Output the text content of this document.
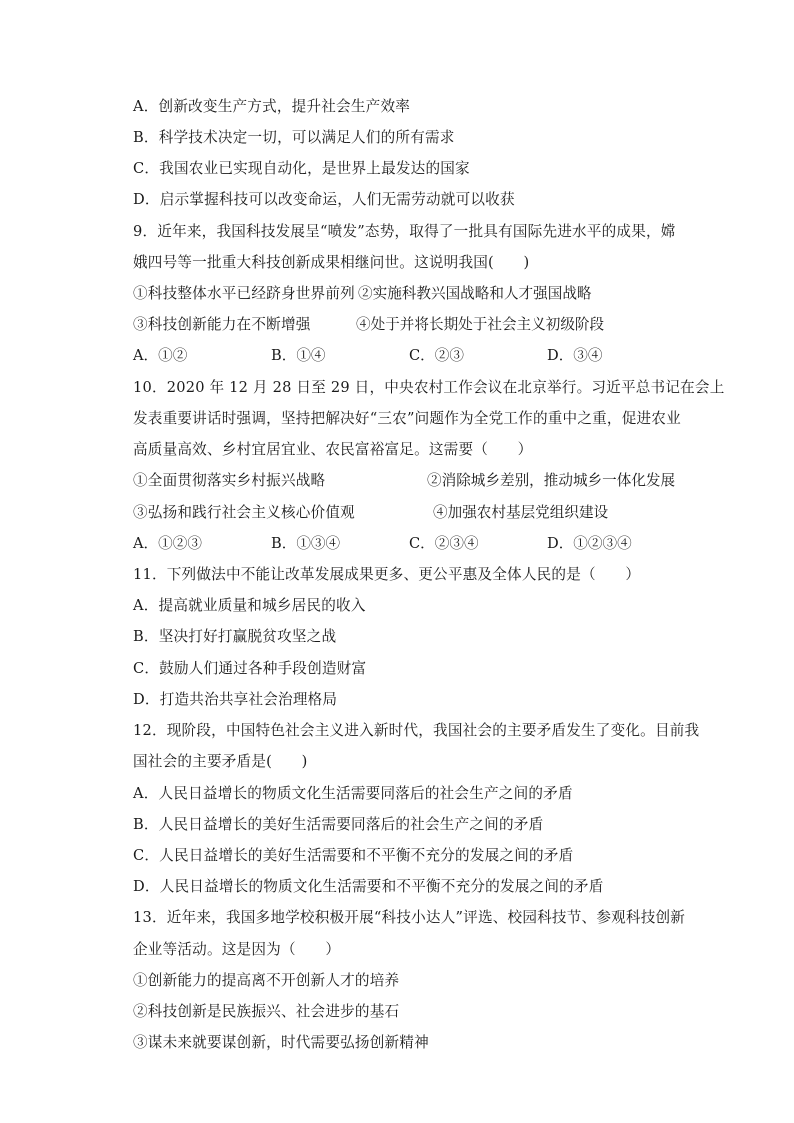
A．创新改变生产方式，提升社会生产效率
B．科学技术决定一切，可以满足人们的所有需求
C．我国农业已实现自动化，是世界上最发达的国家
D．启示掌握科技可以改变命运，人们无需劳动就可以收获
9．近年来，我国科技发展呈“喷发”态势，取得了一批具有国际先进水平的成果，嫦
娥四号等一批重大科技创新成果相继问世。这说明我国(　　)
①科技整体水平已经跻身世界前列 ②实施科教兴国战略和人才强国战略
③科技创新能力在不断增强	④处于并将长期处于社会主义初级阶段
A．①②	B．①④	C．②③	D．③④
10．2020 年 12 月 28 日至 29 日，中央农村工作会议在北京举行。习近平总书记在会上
发表重要讲话时强调，坚持把解决好“三农”问题作为全党工作的重中之重，促进农业
高质量高效、乡村宜居宜业、农民富裕富足。这需要（　　）
①全面贯彻落实乡村振兴战略	②消除城乡差别，推动城乡一体化发展
③弘扬和践行社会主义核心价值观	④加强农村基层党组织建设
A．①②③	B．①③④	C．②③④	D．①②③④
11．下列做法中不能让改革发展成果更多、更公平惠及全体人民的是（　　）
A．提高就业质量和城乡居民的收入
B．坚决打好打赢脱贫攻坚之战
C．鼓励人们通过各种手段创造财富
D．打造共治共享社会治理格局
12．现阶段，中国特色社会主义进入新时代，我国社会的主要矛盾发生了变化。目前我
国社会的主要矛盾是(　　)
A．人民日益增长的物质文化生活需要同落后的社会生产之间的矛盾
B．人民日益增长的美好生活需要同落后的社会生产之间的矛盾
C．人民日益增长的美好生活需要和不平衡不充分的发展之间的矛盾
D．人民日益增长的物质文化生活需要和不平衡不充分的发展之间的矛盾
13．近年来，我国多地学校积极开展“科技小达人”评选、校园科技节、参观科技创新
企业等活动。这是因为（　　）
①创新能力的提高离不开创新人才的培养
②科技创新是民族振兴、社会进步的基石
③谋未来就要谋创新，时代需要弘扬创新精神
